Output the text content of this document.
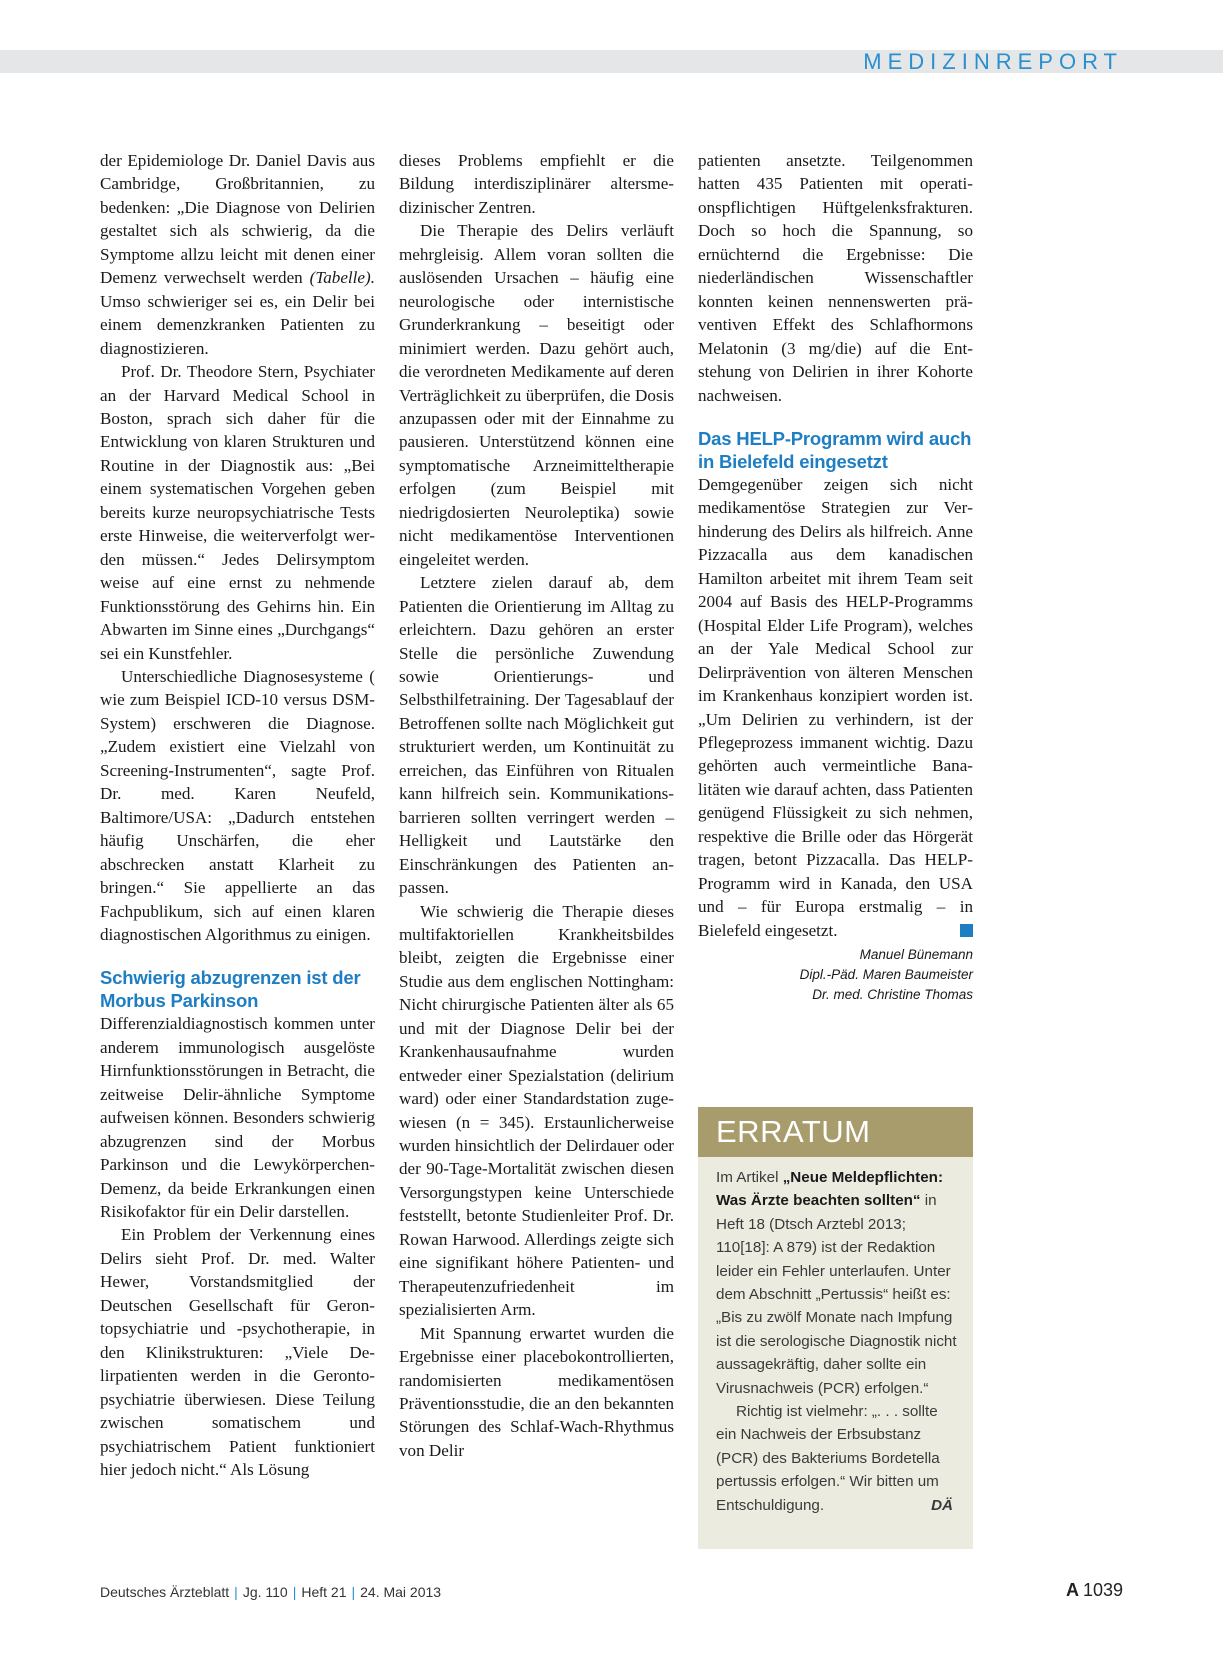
MEDIZINREPORT

der Epidemiologe Dr. Daniel Davis aus Cambridge, Großbritannien, zu bedenken: „Die Diagnose von Delirien gestaltet sich als schwierig, da die Symptome allzu leicht mit denen einer Demenz verwechselt werden (Tabelle). Umso schwieriger sei es, ein Delir bei einem demenzkranken Patienten zu diagnostizieren.

Prof. Dr. Theodore Stern, Psychiater an der Harvard Medical School in Boston, sprach sich daher für die Entwicklung von klaren Strukturen und Routine in der Diagnostik aus: „Bei einem systematischen Vorgehen geben bereits kurze neuropsychiatrische Tests erste Hinweise, die weiterverfolgt werden müssen.“ Jedes Delirsymptom weise auf eine ernst zu nehmende Funktionsstörung des Gehirns hin. Ein Abwarten im Sinne eines „Durchgangs“ sei ein Kunstfehler.

Unterschiedliche Diagnosesysteme ( wie zum Beispiel ICD-10 versus DSM-System) erschweren die Diagnose. „Zudem existiert eine Vielzahl von Screening-Instrumenten“, sagte Prof. Dr. med. Karen Neufeld, Baltimore/USA: „Dadurch entstehen häufig Unschärfen, die eher abschrecken anstatt Klarheit zu bringen.“ Sie appellierte an das Fachpublikum, sich auf einen klaren diagnostischen Algorithmus zu einigen.

Schwierig abzugrenzen ist der Morbus Parkinson

Differenzialdiagnostisch kommen unter anderem immunologisch ausgelöste Hirnfunktionsstörungen in Betracht, die zeitweise Delir-ähnliche Symptome aufweisen können. Besonders schwierig abzugrenzen sind der Morbus Parkinson und die Lewykörperchen-Demenz, da beide Erkrankungen einen Risikofaktor für ein Delir darstellen.

Ein Problem der Verkennung eines Delirs sieht Prof. Dr. med. Walter Hewer, Vorstandsmitglied der Deutschen Gesellschaft für Gerontopsychiatrie und -psychotherapie, in den Klinikstrukturen: „Viele Delirpatienten werden in die Gerontopsychiatrie überwiesen. Diese Teilung zwischen somatischem und psychiatrischem Patient funktioniert hier jedoch nicht.“ Als Lösung

dieses Problems empfiehlt er die Bildung interdisziplinärer altersmedizinischer Zentren.

Die Therapie des Delirs verläuft mehrgleisig. Allem voran sollten die auslösenden Ursachen – häufig eine neurologische oder internistische Grunderkrankung – beseitigt oder minimiert werden. Dazu gehört auch, die verordneten Medikamente auf deren Verträglichkeit zu überprüfen, die Dosis anzupassen oder mit der Einnahme zu pausieren. Unterstützend können eine symptomatische Arzneimitteltherapie erfolgen (zum Beispiel mit niedrigdosierten Neuroleptika) sowie nicht medikamentöse Interventionen eingeleitet werden.

Letztere zielen darauf ab, dem Patienten die Orientierung im Alltag zu erleichtern. Dazu gehören an erster Stelle die persönliche Zuwendung sowie Orientierungs- und Selbsthilfetraining. Der Tagesablauf der Betroffenen sollte nach Möglichkeit gut strukturiert werden, um Kontinuität zu erreichen, das Einführen von Ritualen kann hilfreich sein. Kommunikationsbarrieren sollten verringert werden – Helligkeit und Lautstärke den Einschränkungen des Patienten anpassen.

Wie schwierig die Therapie dieses multifaktoriellen Krankheitsbildes bleibt, zeigten die Ergebnisse einer Studie aus dem englischen Nottingham: Nicht chirurgische Patienten älter als 65 und mit der Diagnose Delir bei der Krankenhausaufnahme wurden entweder einer Spezialstation (delirium ward) oder einer Standardstation zugewiesen (n = 345). Erstaunlicherweise wurden hinsichtlich der Delirdauer oder der 90-Tage-Mortalität zwischen diesen Versorgungstypen keine Unterschiede feststellt, betonte Studienleiter Prof. Dr. Rowan Harwood. Allerdings zeigte sich eine signifikant höhere Patienten- und Therapeutenzufriedenheit im spezialisierten Arm.

Mit Spannung erwartet wurden die Ergebnisse einer placebokontrollierten, randomisierten medikamentösen Präventionsstudie, die an den bekannten Störungen des Schlaf-Wach-Rhythmus von Delir

patienten ansetzte. Teilgenommen hatten 435 Patienten mit operationspflichtigen Hüftgelenksfrakturen. Doch so hoch die Spannung, so ernüchternd die Ergebnisse: Die niederländischen Wissenschaftler konnten keinen nennenswerten präventiven Effekt des Schlafhormons Melatonin (3 mg/die) auf die Entstehung von Delirien in ihrer Kohorte nachweisen.

Das HELP-Programm wird auch in Bielefeld eingesetzt

Demgegenüber zeigen sich nicht medikamentöse Strategien zur Verhinderung des Delirs als hilfreich. Anne Pizzacalla aus dem kanadischen Hamilton arbeitet mit ihrem Team seit 2004 auf Basis des HELP-Programms (Hospital Elder Life Program), welches an der Yale Medical School zur Delirprävention von älteren Menschen im Krankenhaus konzipiert worden ist. „Um Delirien zu verhindern, ist der Pflegeprozess immanent wichtig. Dazu gehörten auch vermeintliche Banalitäten wie darauf achten, dass Patienten genügend Flüssigkeit zu sich nehmen, respektive die Brille oder das Hörgerät tragen, betont Pizzacalla. Das HELP-Programm wird in Kanada, den USA und – für Europa erstmalig – in Bielefeld eingesetzt.

Manuel Bünemann
Dipl.-Päd. Maren Baumeister
Dr. med. Christine Thomas
ERRATUM

Im Artikel „Neue Meldepflichten: Was Ärzte beachten sollten“ in Heft 18 (Dtsch Arztebl 2013; 110[18]: A 879) ist der Redaktion leider ein Fehler unterlaufen. Unter dem Abschnitt „Pertussis“ heißt es: „Bis zu zwölf Monate nach Impfung ist die serologische Diagnostik nicht aussagekräftig, daher sollte ein Virusnachweis (PCR) erfolgen.“

Richtig ist vielmehr: „. . . sollte ein Nachweis der Erbsubstanz (PCR) des Bakteriums Bordetella pertussis erfolgen.“ Wir bitten um Entschuldigung.	DÄ

Deutsches Ärzteblatt | Jg. 110 | Heft 21 | 24. Mai 2013	A 1039
